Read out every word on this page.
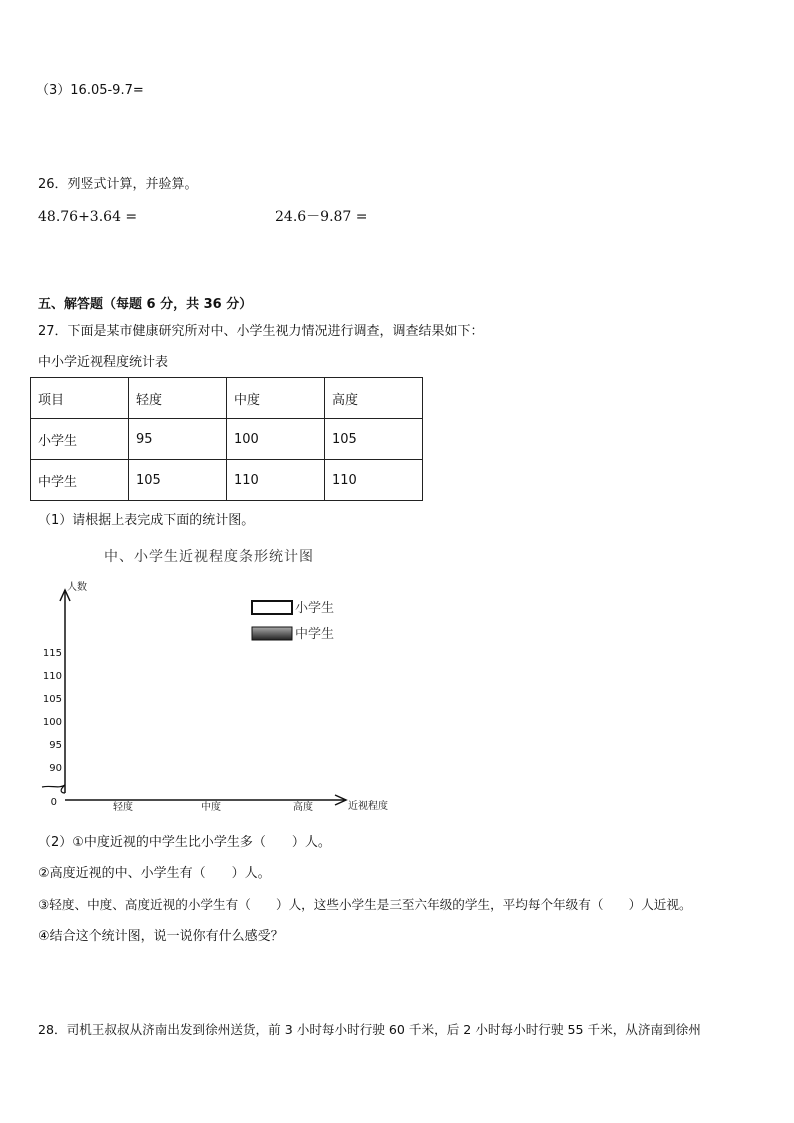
（3）16.05-9.7=
26．列竖式计算，并验算。
48.76+3.64 =	24.6－9.87 =
五、解答题（每题 6 分，共 36 分）
27．下面是某市健康研究所对中、小学生视力情况进行调查，调查结果如下：
中小学近视程度统计表
项目	轻度	中度	高度
小学生	95	100	105
中学生	105	110	110
（1）请根据上表完成下面的统计图。
中、小学生近视程度条形统计图
0
90
95
100
105
110
115
轻度	中度	高度
小学生
中学生
人数
近视程度
（2）①中度近视的中学生比小学生多（　　）人。
②高度近视的中、小学生有（　　）人。
③轻度、中度、高度近视的小学生有（　　）人，这些小学生是三至六年级的学生，平均每个年级有（　　）人近视。
④结合这个统计图，说一说你有什么感受？
28．司机王叔叔从济南出发到徐州送货，前 3 小时每小时行驶 60 千米，后 2 小时每小时行驶 55 千米，从济南到徐州
